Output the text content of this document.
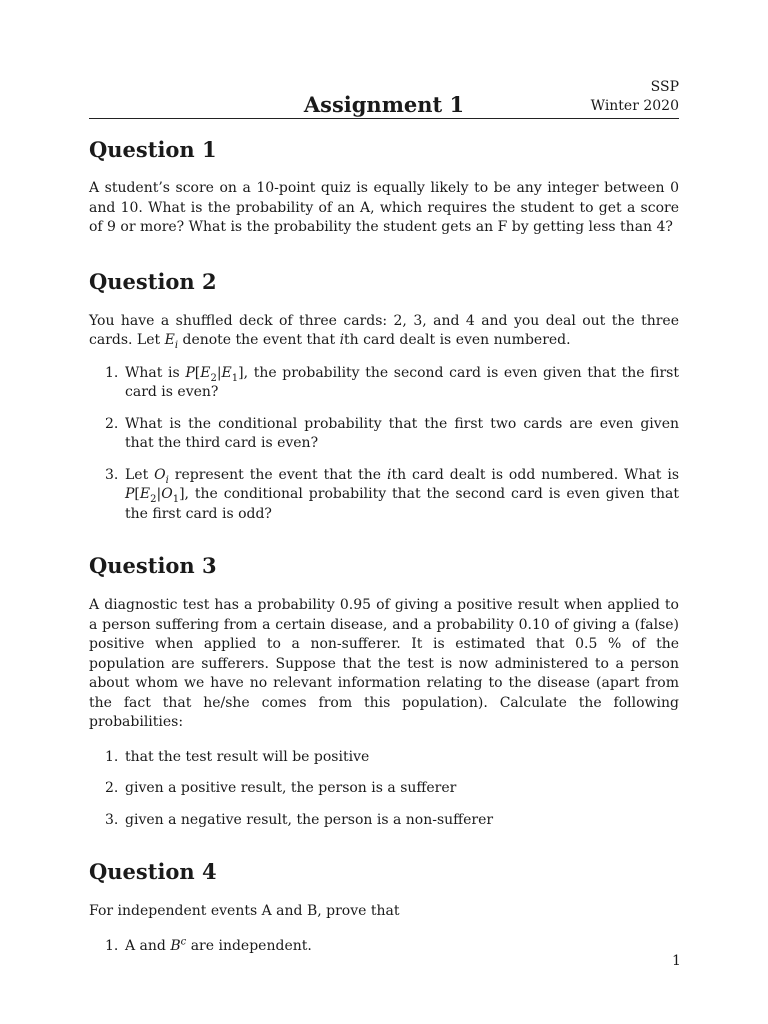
Assignment 1
SSP
Winter 2020
Question 1

A student’s score on a 10-point quiz is equally likely to be any integer between 0 and 10. What is the probability of an A, which requires the student to get a score of 9 or more? What is the probability the student gets an F by getting less than 4?

Question 2

You have a shuffled deck of three cards: 2, 3, and 4 and you deal out the three cards. Let $E_i$ denote the event that ith card dealt is even numbered.

1. What is $P[E_2|E_1]$, the probability the second card is even given that the first card is even?
2. What is the conditional probability that the first two cards are even given that the third card is even?
3. Let $O_i$ represent the event that the ith card dealt is odd numbered. What is $P[E_2|O_1]$, the conditional probability that the second card is even given that the first card is odd?
Question 3

A diagnostic test has a probability 0.95 of giving a positive result when applied to a person suffering from a certain disease, and a probability 0.10 of giving a (false) positive when applied to a non-sufferer. It is estimated that 0.5 % of the population are sufferers. Suppose that the test is now administered to a person about whom we have no relevant information relating to the disease (apart from the fact that he/she comes from this population). Calculate the following probabilities:

1. that the test result will be positive
2. given a positive result, the person is a sufferer
3. given a negative result, the person is a non-sufferer
Question 4

For independent events A and B, prove that

1. A and $B^c$ are independent.
1
